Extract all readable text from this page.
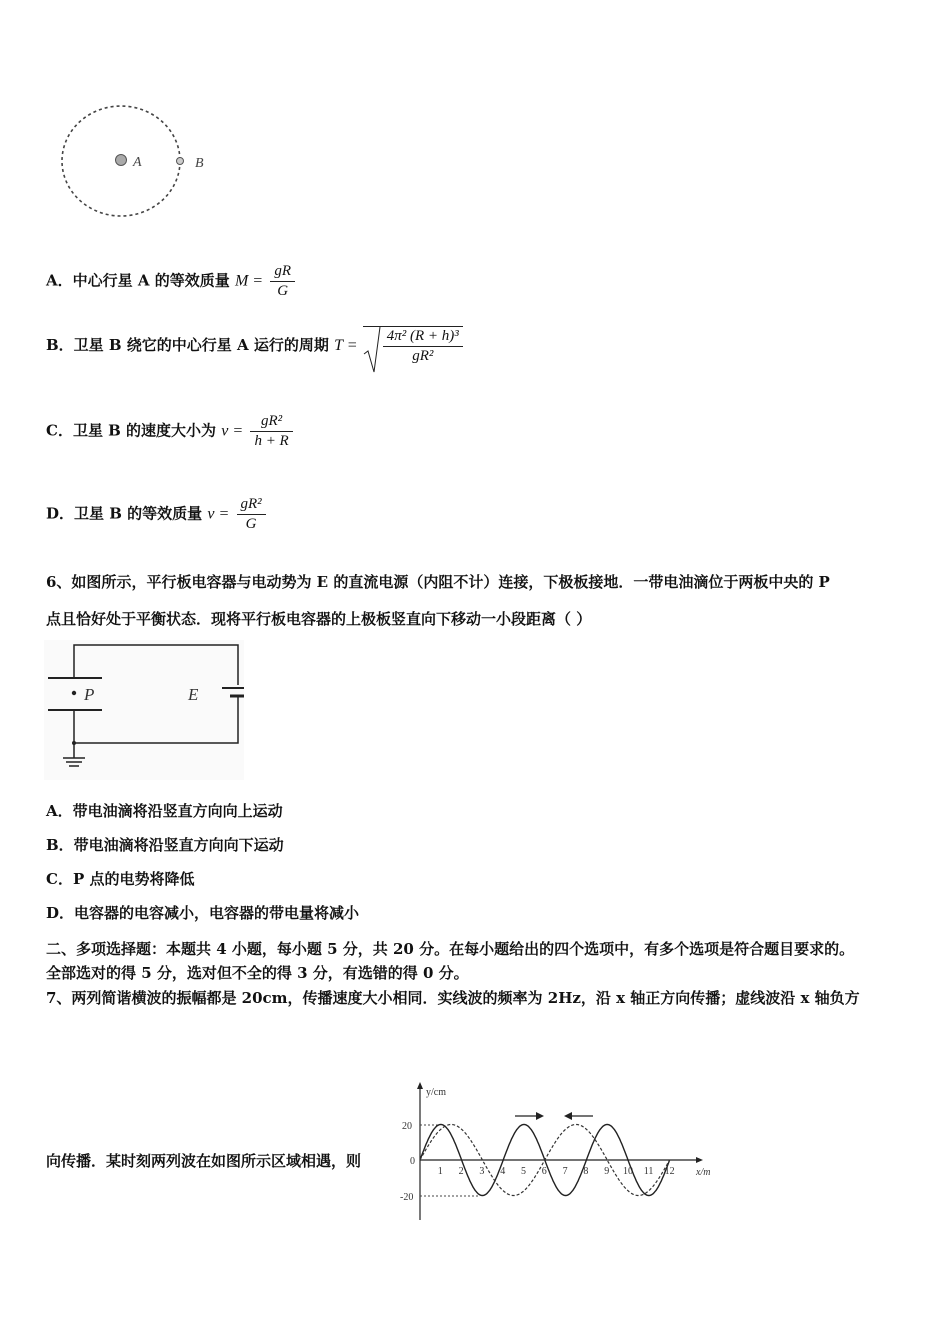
A	B
A．中心行星 A 的等效质量 $M = \frac{gR}{G}$
B．卫星 B 绕它的中心行星 A 运行的周期 $T = \frac{\text{4π² (R + h)³}}{\text{gR²}}$
C．卫星 B 的速度大小为 $v = \frac{\text{gR²}}{h + R}$
D．卫星 B 的等效质量 $v = \frac{\text{gR²}}{G}$
6、如图所示，平行板电容器与电动势为 E 的直流电源（内阻不计）连接，下极板接地．一带电油滴位于两板中央的 P
点且恰好处于平衡状态．现将平行板电容器的上极板竖直向下移动一小段距离（ ）
P	E
A．带电油滴将沿竖直方向向上运动
B．带电油滴将沿竖直方向向下运动
C．P 点的电势将降低
D．电容器的电容减小，电容器的带电量将减小
二、多项选择题：本题共 4 小题，每小题 5 分，共 20 分。在每小题给出的四个选项中，有多个选项是符合题目要求的。
全部选对的得 5 分，选对但不全的得 3 分，有选错的得 0 分。
7、两列简谐横波的振幅都是 20cm，传播速度大小相同．实线波的频率为 2Hz，沿 x 轴正方向传播；虚线波沿 x 轴负方
向传播．某时刻两列波在如图所示区域相遇，则
y/cm
x/m
20
0
-20
1 2 3 4 5 6 7 8 9 10 11 12
